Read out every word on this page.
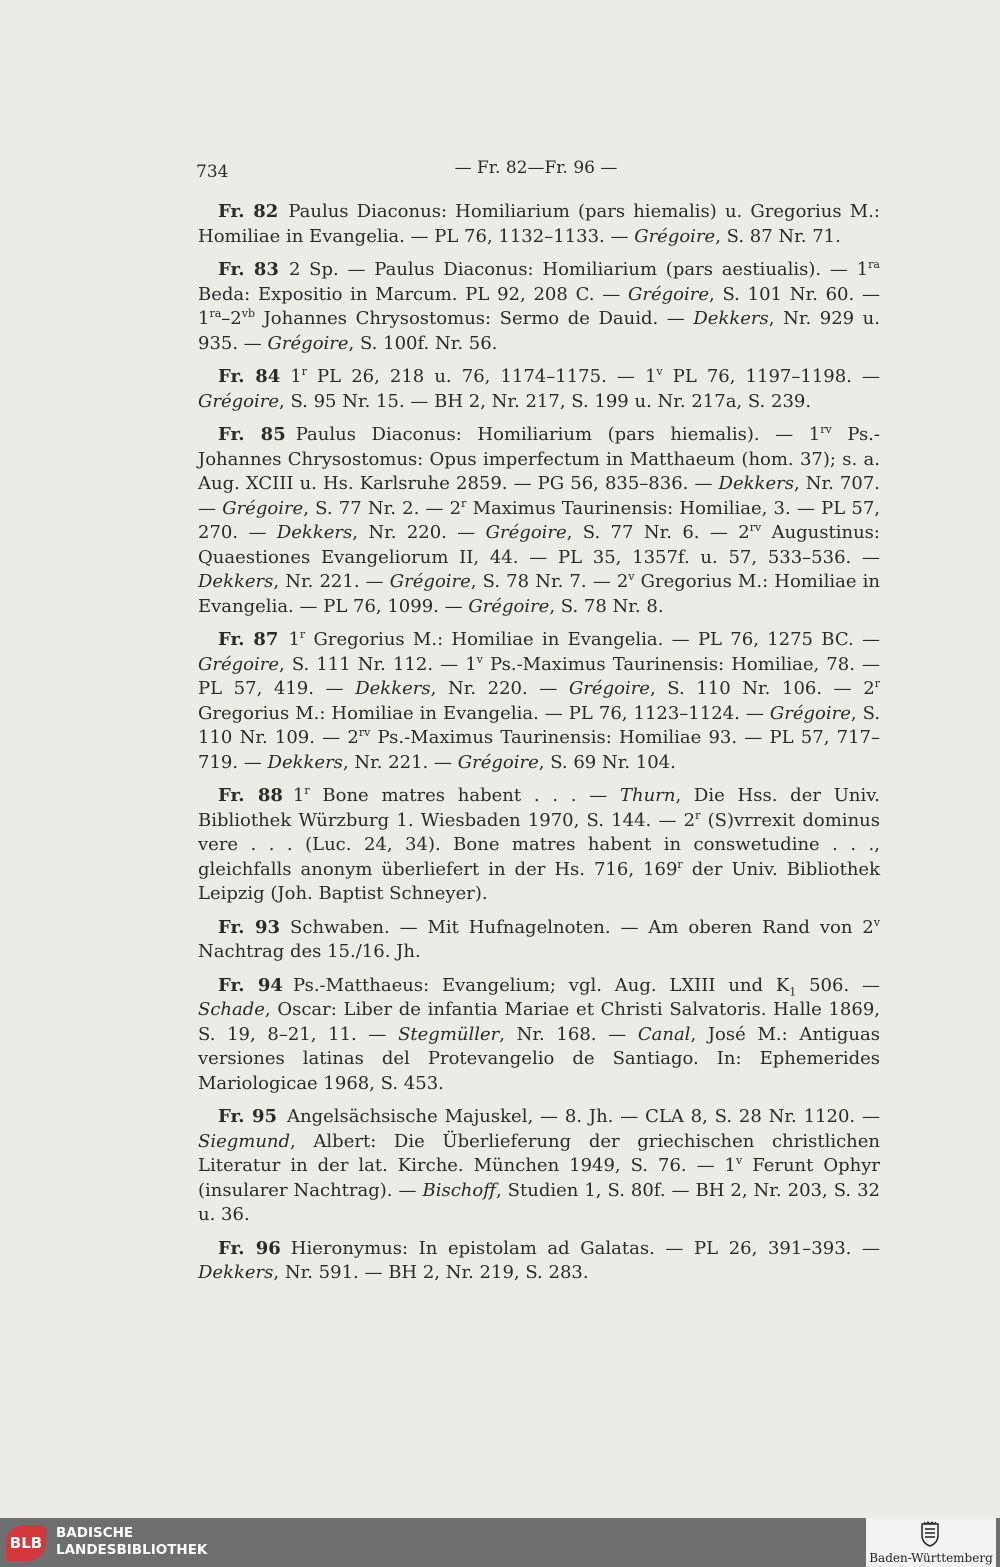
734	— Fr. 82—Fr. 96 —

Fr. 82 Paulus Diaconus: Homiliarium (pars hiemalis) u. Gregorius M.: Homiliae in Evangelia. — PL 76, 1132–1133. — Grégoire, S. 87 Nr. 71.

Fr. 83 2 Sp. — Paulus Diaconus: Homiliarium (pars aestiualis). — $1^{ra}$ Beda: Expositio in Marcum. PL 92, 208 C. — Grégoire, S. 101 Nr. 60. — $1^{ra}-2^{vb}$ Johannes Chrysostomus: Sermo de Dauid. — Dekkers, Nr. 929 u. 935. — Grégoire, S. 100f. Nr. 56.

Fr. 84 1$^r$ PL 26, 218 u. 76, 1174–1175. — 1$^v$ PL 76, 1197–1198. — Grégoire, S. 95 Nr. 15. — BH 2, Nr. 217, S. 199 u. Nr. 217a, S. 239.

Fr. 85 Paulus Diaconus: Homiliarium (pars hiemalis). — $1^{rv}$ Ps.-Johannes Chrysostomus: Opus imperfectum in Matthaeum (hom. 37); s. a. Aug. XCIII u. Hs. Karlsruhe 2859. — PG 56, 835–836. — Dekkers, Nr. 707. — Grégoire, S. 77 Nr. 2. — 2$^r$ Maximus Taurinensis: Homiliae, 3. — PL 57, 270. — Dekkers, Nr. 220. — Grégoire, S. 77 Nr. 6. — $2^{rv}$ Augustinus: Quaestiones Evangeliorum II, 44. — PL 35, 1357f. u. 57, 533–536. — Dekkers, Nr. 221. — Grégoire, S. 78 Nr. 7. — 2$^v$ Gregorius M.: Homiliae in Evangelia. — PL 76, 1099. — Grégoire, S. 78 Nr. 8.

Fr. 87 1$^r$ Gregorius M.: Homiliae in Evangelia. — PL 76, 1275 BC. — Grégoire, S. 111 Nr. 112. — 1$^v$ Ps.-Maximus Taurinensis: Homiliae, 78. — PL 57, 419. — Dekkers, Nr. 220. — Grégoire, S. 110 Nr. 106. — 2$^r$ Gregorius M.: Homiliae in Evangelia. — PL 76, 1123–1124. — Grégoire, S. 110 Nr. 109. — $2^{rv}$ Ps.-Maximus Taurinensis: Homiliae 93. — PL 57, 717–719. — Dekkers, Nr. 221. — Grégoire, S. 69 Nr. 104.

Fr. 88 1$^r$ Bone matres habent . . . — Thurn, Die Hss. der Univ. Bibliothek Würzburg 1. Wiesbaden 1970, S. 144. — 2$^r$ (S)vrrexit dominus vere . . . (Luc. 24, 34). Bone matres habent in conswetudine . . ., gleichfalls anonym überliefert in der Hs. 716, 169$^r$ der Univ. Bibliothek Leipzig (Joh. Baptist Schneyer).

Fr. 93 Schwaben. — Mit Hufnagelnoten. — Am oberen Rand von 2$^v$ Nachtrag des 15./16. Jh.

Fr. 94 Ps.-Matthaeus: Evangelium; vgl. Aug. LXIII und $K_1$ 506. — Schade, Oscar: Liber de infantia Mariae et Christi Salvatoris. Halle 1869, S. 19, 8–21, 11. — Stegmüller, Nr. 168. — Canal, José M.: Antiguas versiones latinas del Protevangelio de Santiago. In: Ephemerides Mariologicae 1968, S. 453.

Fr. 95 Angelsächsische Majuskel, — 8. Jh. — CLA 8, S. 28 Nr. 1120. — Siegmund, Albert: Die Überlieferung der griechischen christlichen Literatur in der lat. Kirche. München 1949, S. 76. — 1$^v$ Ferunt Ophyr (insularer Nachtrag). — Bischoff, Studien 1, S. 80f. — BH 2, Nr. 203, S. 32 u. 36.

Fr. 96 Hieronymus: In epistolam ad Galatas. — PL 26, 391–393. — Dekkers, Nr. 591. — BH 2, Nr. 219, S. 283.

BLB
BADISCHE
LANDESBIBLIOTHEK	Baden-Württemberg
